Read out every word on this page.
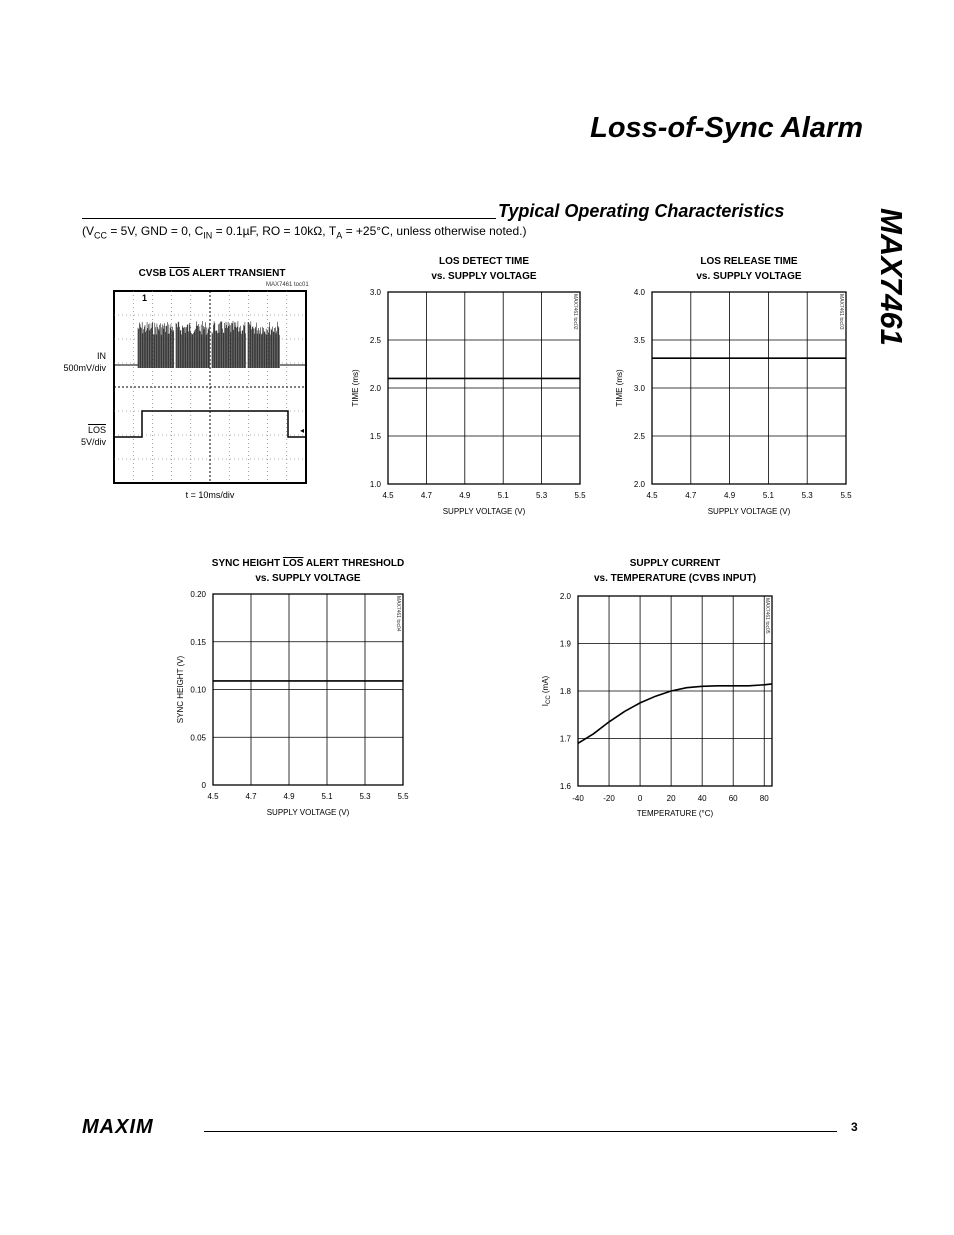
Loss-of-Sync Alarm
MAX7461
Typical Operating Characteristics
($V_{CC} = 5V$, GND = 0, $C_{IN} = 0.1\mu F$, RO = 10kΩ, $T_A = +25^\circ C$, unless otherwise noted.)
CVSB $\overline{LOS}$ ALERT TRANSIENT
MAX7461 toc01
IN
500mV/div
$\overline{LOS}$
5V/div
t = 10ms/div
1
◂
LOS DETECT TIME
vs. SUPPLY VOLTAGE
3.0
2.5
2.0
1.5
1.0
4.5	4.7	4.9	5.1	5.3	5.5
SUPPLY VOLTAGE (V)
TIME (ms)
MAX7461 toc02
LOS RELEASE TIME
vs. SUPPLY VOLTAGE
4.0
3.5
3.0
2.5
2.0
4.5	4.7	4.9	5.1	5.3	5.5
SUPPLY VOLTAGE (V)
TIME (ms)
MAX7461 toc03
SYNC HEIGHT LOS ALERT THRESHOLD
vs. SUPPLY VOLTAGE
0.20
0.15
0.10
0.05
0
4.5	4.7	4.9	5.1	5.3	5.5
SUPPLY VOLTAGE (V)
SYNC HEIGHT (V)
MAX7461 toc04
SUPPLY CURRENT
vs. TEMPERATURE (CVBS INPUT)
2.0
1.9
1.8
1.7
1.6
-40 -20	0	20	40	60	80
TEMPERATURE (°C)
$I_{CC}$ (mA)
MAX7461 toc05
MAXIM	3
